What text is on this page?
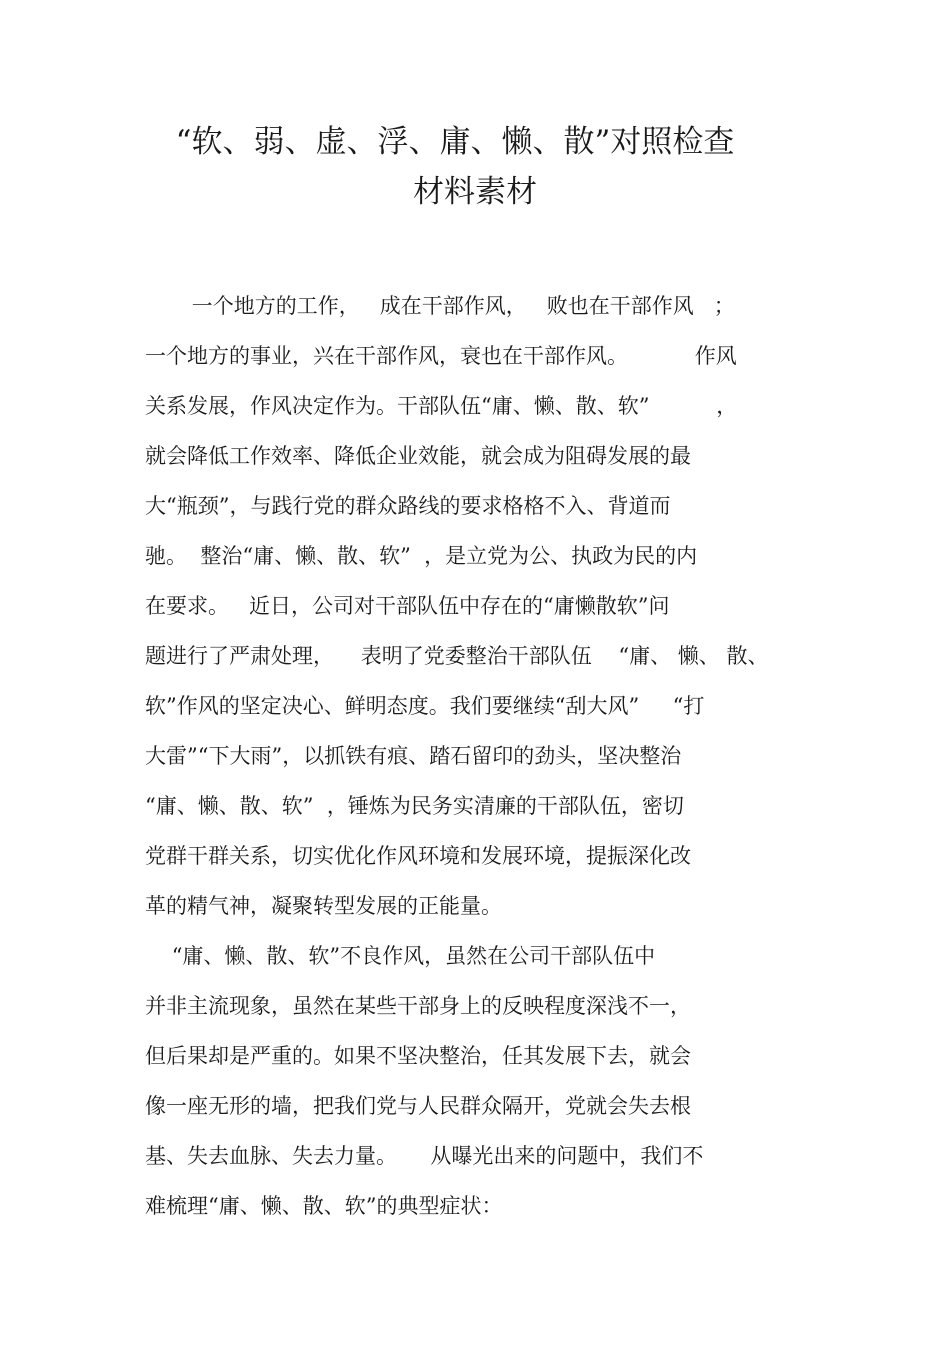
“软、弱、虚、浮、庸、懒、散”对照检查
材料素材
一个地方的工作，   成在干部作风，   败也在干部作风   ；
一个地方的事业，兴在干部作风，衰也在干部作风。          作风
关系发展，作风决定作为。干部队伍“庸、懒、散、软”          ，
就会降低工作效率、降低企业效能，就会成为阻碍发展的最
大“瓶颈”，与践行党的群众路线的要求格格不入、背道而
驰。  整治“庸、懒、散、软”  ，是立党为公、执政为民的内
在要求。   近日，公司对干部队伍中存在的“庸懒散软”问
题进行了严肃处理，    表明了党委整治干部队伍    “庸、 懒、 散、
软”作风的坚定决心、鲜明态度。我们要继续“刮大风”     “打
大雷”“下大雨”，以抓铁有痕、踏石留印的劲头，坚决整治
“庸、懒、散、软”  ，锤炼为民务实清廉的干部队伍，密切
党群干群关系，切实优化作风环境和发展环境，提振深化改
革的精气神，凝聚转型发展的正能量。
“庸、懒、散、软”不良作风，虽然在公司干部队伍中
并非主流现象，虽然在某些干部身上的反映程度深浅不一，
但后果却是严重的。如果不坚决整治，任其发展下去，就会
像一座无形的墙，把我们党与人民群众隔开，党就会失去根
基、失去血脉、失去力量。     从曝光出来的问题中，我们不
难梳理“庸、懒、散、软”的典型症状：
